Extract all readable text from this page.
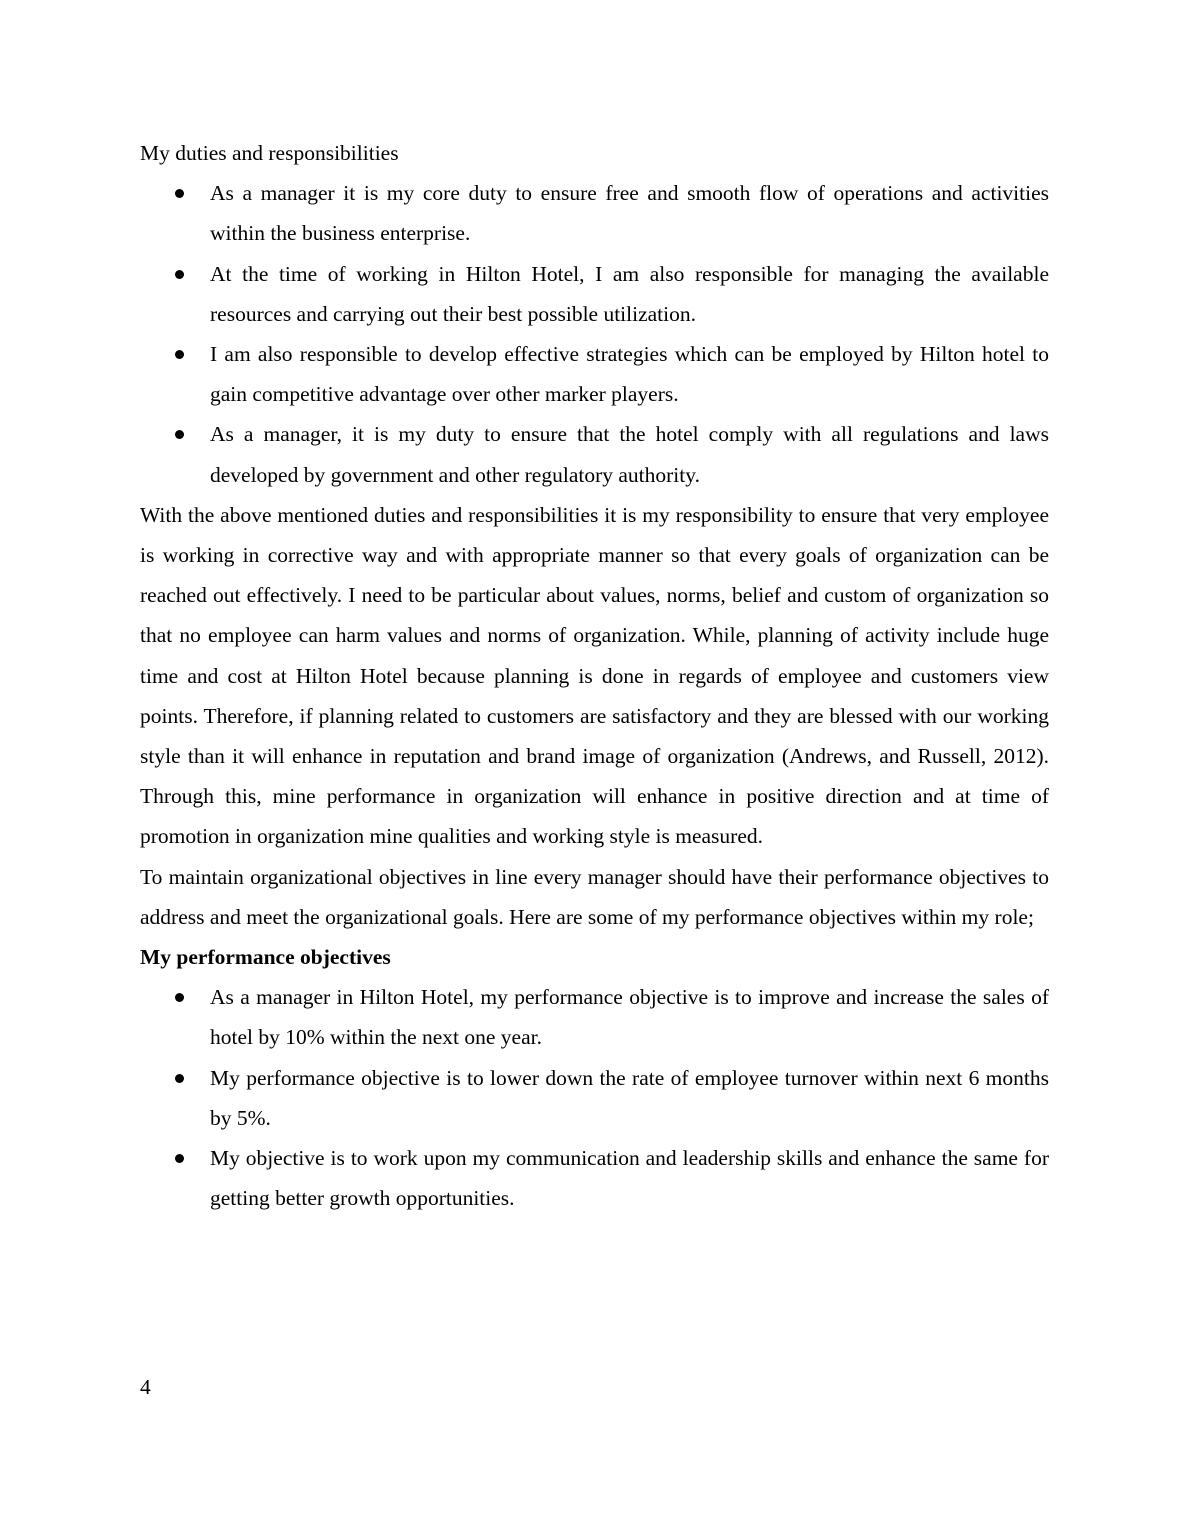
My duties and responsibilities
As a manager it is my core duty to ensure free and smooth flow of operations and activities within the business enterprise.
At the time of working in Hilton Hotel, I am also responsible for managing the available resources and carrying out their best possible utilization.
I am also responsible to develop effective strategies which can be employed by Hilton hotel to gain competitive advantage over other marker players.
As a manager, it is my duty to ensure that the hotel comply with all regulations and laws developed by government and other regulatory authority.

With the above mentioned duties and responsibilities it is my responsibility to ensure that very employee is working in corrective way and with appropriate manner so that every goals of organization can be reached out effectively. I need to be particular about values, norms, belief and custom of organization so that no employee can harm values and norms of organization. While, planning of activity include huge time and cost at Hilton Hotel because planning is done in regards of employee and customers view points. Therefore, if planning related to customers are satisfactory and they are blessed with our working style than it will enhance in reputation and brand image of organization (Andrews, and Russell, 2012). Through this, mine performance in organization will enhance in positive direction and at time of promotion in organization mine qualities and working style is measured.

To maintain organizational objectives in line every manager should have their performance objectives to address and meet the organizational goals. Here are some of my performance objectives within my role;

My performance objectives
As a manager in Hilton Hotel, my performance objective is to improve and increase the sales of hotel by 10% within the next one year.
My performance objective is to lower down the rate of employee turnover within next 6 months by 5%.
My objective is to work upon my communication and leadership skills and enhance the same for getting better growth opportunities.
4
